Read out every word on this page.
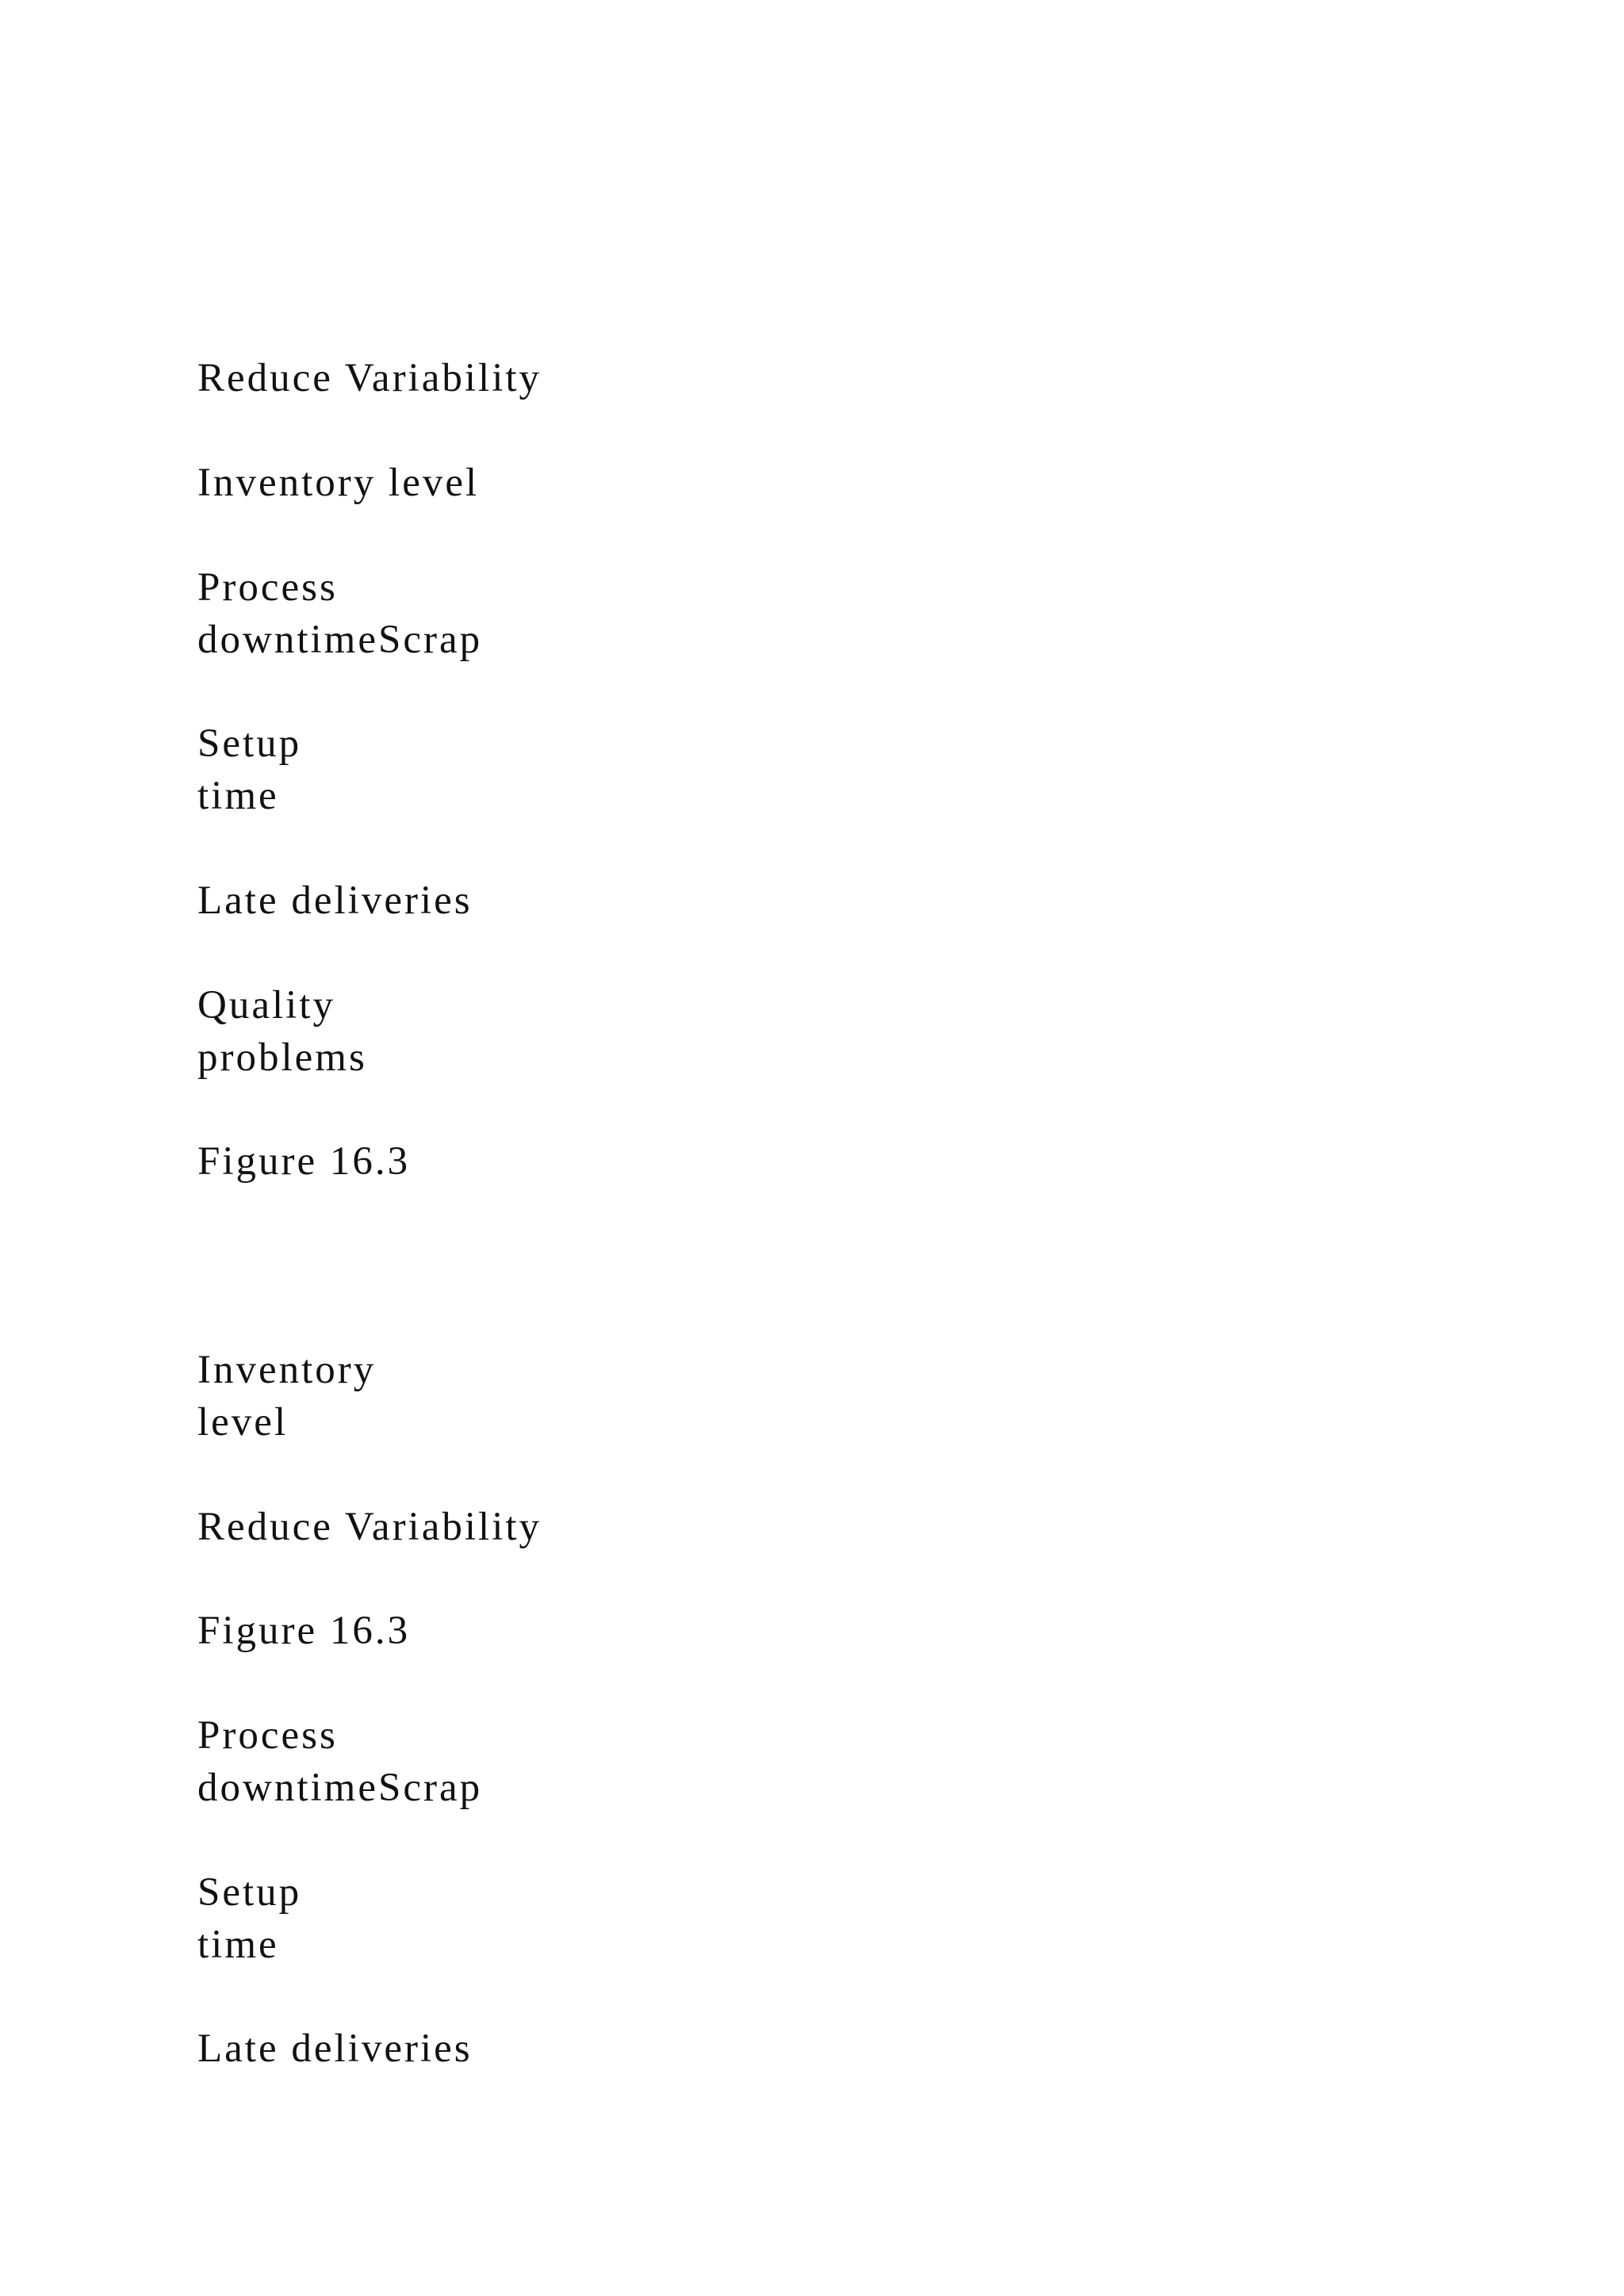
Reduce Variability

Inventory level

Process

downtimeScrap

Setup

time

Late deliveries

Quality

problems

Figure 16.3

Inventory

level

Reduce Variability

Figure 16.3

Process

downtimeScrap

Setup

time

Late deliveries
